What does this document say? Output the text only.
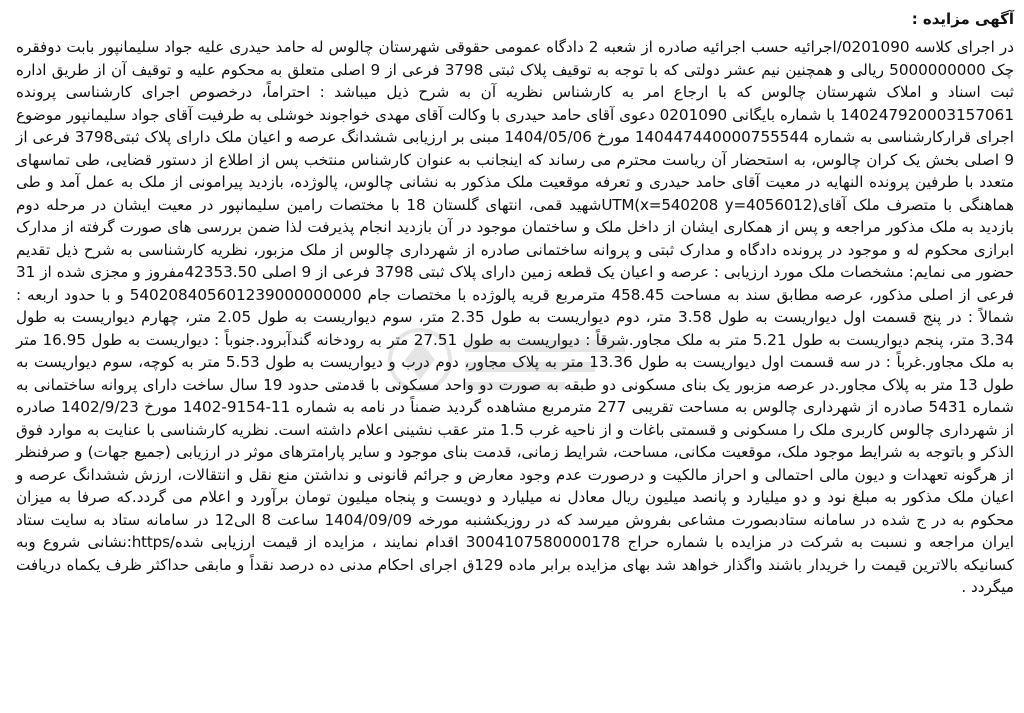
آگهی مزایده :

در اجرای کلاسه 0201090/اجرائیه حسب اجرائیه صادره از شعبه 2 دادگاه عمومی حقوقی شهرستان چالوس له حامد حیدری علیه جواد سلیمانپور بابت دوفقره چک 5000000000 ریالی و همچنین نیم عشر دولتی که با توجه به توقیف پلاک ثبتی 3798 فرعی از 9 اصلی متعلق به محکوم علیه و توقیف آن از طریق اداره ثبت اسناد و املاک شهرستان چالوس که با ارجاع امر به کارشناس نظریه آن به شرح ذیل میباشد : احتراماً، درخصوص اجرای کارشناسی پرونده 140247920003157061 با شماره بایگانی 0201090 دعوی آقای حامد حیدری با وکالت آقای مهدی خواجوند خوشلی به طرفیت آقای جواد سلیمانپور موضوع اجرای قرارکارشناسی به شماره 140447440000755544 مورخ 1404/05/06 مبنی بر ارزیابی ششدانگ عرصه و اعیان ملک دارای پلاک ثبتی3798 فرعی از 9 اصلی بخش یک کران چالوس، به استحضار آن ریاست محترم می رساند که اینجانب به عنوان کارشناس منتخب پس از اطلاع از دستور قضایی، طی تماسهای متعدد با طرفین پرونده النهایه در معیت آقای حامد حیدری و تعرفه موقعیت ملک مذکور به نشانی چالوس، پالوژده، بازدید پیرامونی از ملک به عمل آمد و طی هماهنگی با متصرف ملک آقای(UTM(x=540208 y=4056012شهید قمی، انتهای گلستان 18 با مختصات رامین سلیمانپور در معیت ایشان در مرحله دوم بازدید به ملک مذکور مراجعه و پس از همکاری ایشان از داخل ملک و ساختمان موجود در آن بازدید انجام پذیرفت لذا ضمن بررسی های صورت گرفته از مدارک ابرازی محکوم له و موجود در پرونده دادگاه و مدارک ثبتی و پروانه ساختمانی صادره از شهرداری چالوس از ملک مزبور، نظریه کارشناسی به شرح ذیل تقدیم حضور می نمایم: مشخصات ملک مورد ارزیابی : عرصه و اعیان یک قطعه زمین دارای پلاک ثبتی 3798 فرعی از 9 اصلی 42353.50مفروز و مجزی شده از 31 فرعی از اصلی مذکور، عرصه مطابق سند به مساحت 458.45 مترمربع قریه پالوژده با مختصات جام 540208405601239000000000 و با حدود اربعه : شمالاً : در پنج قسمت اول دیواریست به طول 3.58 متر، دوم دیواریست به طول 2.35 متر، سوم دیواریست به طول 2.05 متر، چهارم دیواریست به طول 3.34 متر، پنجم دیواریست به طول 5.21 متر به ملک مجاور.شرقاً : دیواریست به طول 27.51 متر به رودخانه گندآبرود.جنوباً : دیواریست به طول 16.95 متر به ملک مجاور.غرباً : در سه قسمت اول دیواریست به طول 13.36 متر به پلاک مجاور، دوم درب و دیواریست به طول 5.53 متر به کوچه، سوم دیواریست به طول 13 متر به پلاک مجاور.در عرصه مزبور یک بنای مسکونی دو طبقه به صورت دو واحد مسکونی با قدمتی حدود 19 سال ساخت دارای پروانه ساختمانی به شماره 5431 صادره از شهرداری چالوس به مساحت تقریبی 277 مترمربع مشاهده گردید ضمناً در نامه به شماره 11-9154-1402 مورخ 1402/9/23 صادره از شهرداری چالوس کاربری ملک را مسکونی و قسمتی باغات و از ناحیه غرب 1.5 متر عقب نشینی اعلام داشته است. نظریه کارشناسی با عنایت به موارد فوق الذکر و باتوجه به شرایط موجود ملک، موقعیت مکانی، مساحت، شرایط زمانی، قدمت بنای موجود و سایر پارامترهای موثر در ارزیابی (جمیع جهات) و صرفنظر از هرگونه تعهدات و دیون مالی احتمالی و احراز مالکیت و درصورت عدم وجود معارض و جرائم قانونی و نداشتن منع نقل و انتقالات، ارزش ششدانگ عرصه و اعیان ملک مذکور به مبلغ نود و دو میلیارد و پانصد میلیون ریال معادل نه میلیارد و دویست و پنجاه میلیون تومان برآورد و اعلام می گردد.که صرفا به میزان محکوم به در ج شده در سامانه ستادبصورت مشاعی بفروش میرسد که در روزیکشنبه مورخه 1404/09/09 ساعت 8 الی12 در سامانه ستاد به سایت ستاد ایران مراجعه و نسبت به شرکت در مزایده با شماره حراج 3004107580000178 اقدام نمایند ، مزایده از قیمت ارزیابی شده/https:نشانی شروع وبه کسانیکه بالاترین قیمت را خریدار باشند واگذار خواهد شد بهای مزایده برابر ماده 129ق اجرای احکام مدنی ده درصد نقداً و مابقی حداکثر ظرف یکماه دریافت میگردد .
